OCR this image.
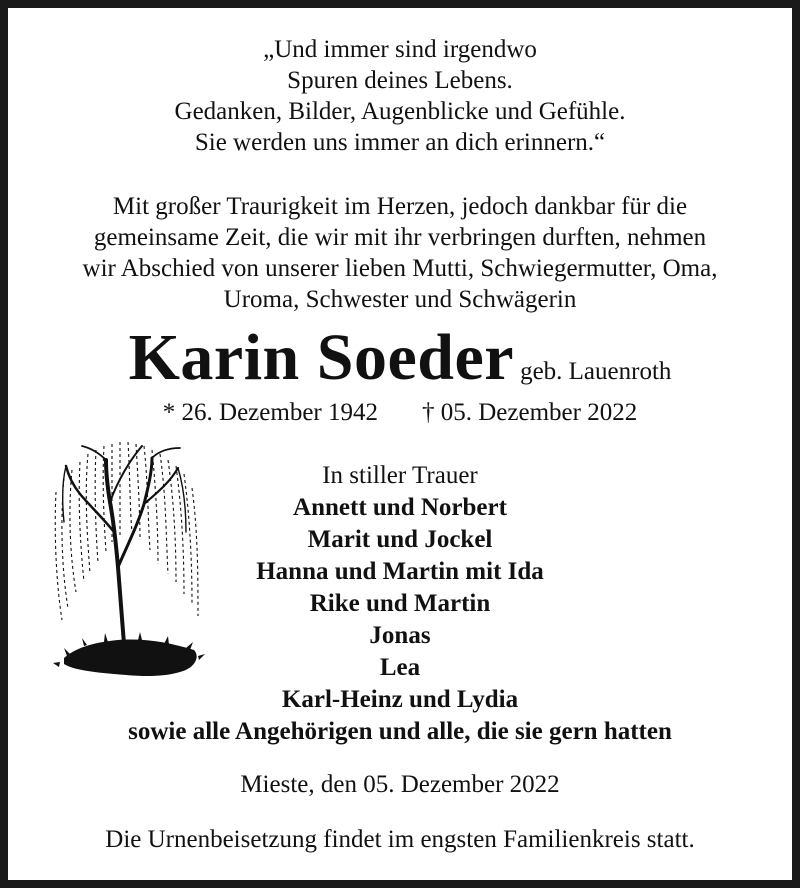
„Und immer sind irgendwo
Spuren deines Lebens.
Gedanken, Bilder, Augenblicke und Gefühle.
Sie werden uns immer an dich erinnern.“
Mit großer Traurigkeit im Herzen, jedoch dankbar für die
gemeinsame Zeit, die wir mit ihr verbringen durften, nehmen
wir Abschied von unserer lieben Mutti, Schwiegermutter, Oma,
Uroma, Schwester und Schwägerin
Karin Soeder geb. Lauenroth
* 26. Dezember 1942 † 05. Dezember 2022
In stiller Trauer
Annett und Norbert
Marit und Jockel
Hanna und Martin mit Ida
Rike und Martin
Jonas
Lea
Karl-Heinz und Lydia
sowie alle Angehörigen und alle, die sie gern hatten
Mieste, den 05. Dezember 2022
Die Urnenbeisetzung findet im engsten Familienkreis statt.
